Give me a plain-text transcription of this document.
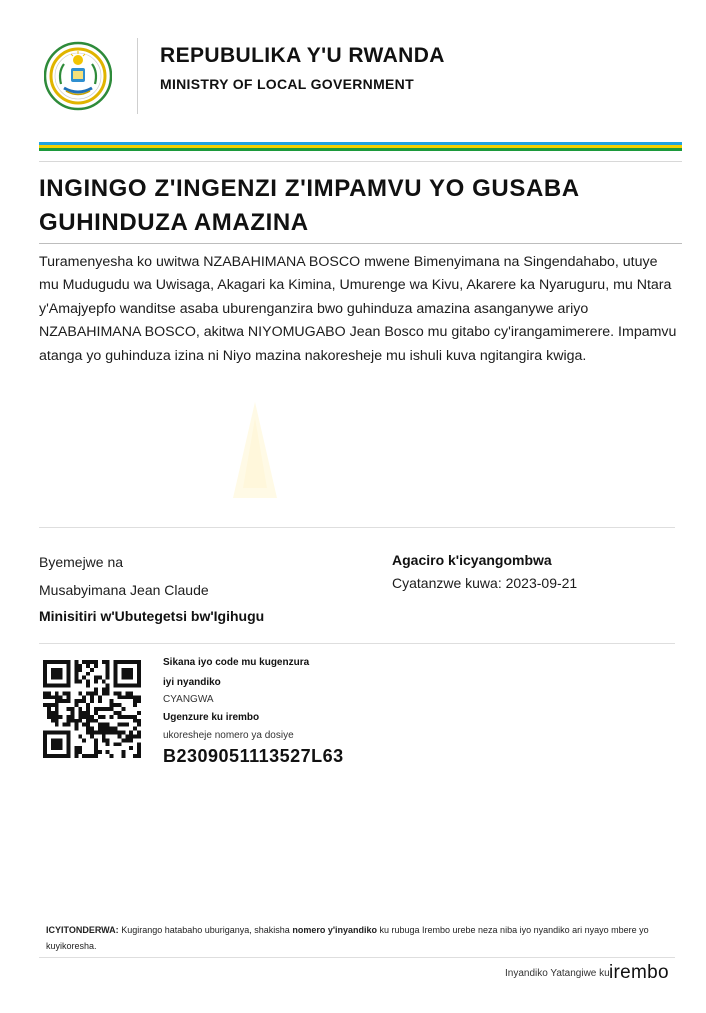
REPUBULIKA Y'U RWANDA
MINISTRY OF LOCAL GOVERNMENT
INGINGO Z'INGENZI Z'IMPAMVU YO GUSABA GUHINDUZA AMAZINA
Turamenyesha ko uwitwa NZABAHIMANA BOSCO mwene Bimenyimana na Singendahabo, utuye mu Mudugudu wa Uwisaga, Akagari ka Kimina, Umurenge wa Kivu, Akarere ka Nyaruguru, mu Ntara y'Amajyepfo wanditse asaba uburenganzira bwo guhinduza amazina asanganywe ariyo NZABAHIMANA BOSCO, akitwa NIYOMUGABO Jean Bosco mu gitabo cy'irangamimerere. Impamvu atanga yo guhinduza izina ni Niyo mazina nakoresheje mu ishuli kuva ngitangira kwiga.
Byemejwe na
Musabyimana Jean Claude
Minisitiri w'Ubutegetsi bw'Igihugu
Agaciro k'icyangombwa
Cyatanzwe kuwa: 2023-09-21
Sikana iyo code mu kugenzura
iyi nyandiko
CYANGWA
Ugenzure ku irembo
ukoresheje nomero ya dosiye
B2309051113527L63
ICYITONDERWA: Kugirango hatabaho uburiganya, shakisha nomero y'inyandiko ku rubuga Irembo urebe neza niba iyo nyandiko ari nyayo mbere yo kuyikoresha.
Inyandiko Yatangiwe ku irembo
